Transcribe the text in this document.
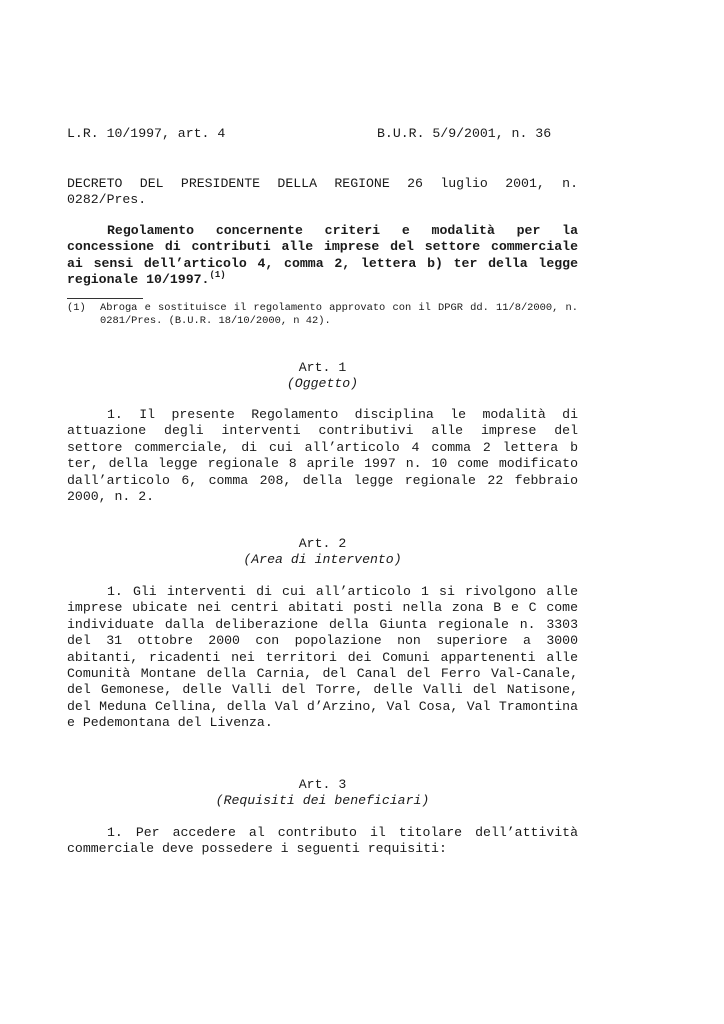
L.R. 10/1997, art. 4	B.U.R. 5/9/2001, n. 36
DECRETO DEL PRESIDENTE DELLA REGIONE 26 luglio 2001, n. 0282/Pres.
Regolamento concernente criteri e modalità per la concessione di contributi alle imprese del settore commerciale ai sensi dell’articolo 4, comma 2, lettera b) ter della legge regionale 10/1997.$^{(1)}$
(1) Abroga e sostituisce il regolamento approvato con il DPGR dd. 11/8/2000, n. 0281/Pres. (B.U.R. 18/10/2000, n 42).
Art. 1
(Oggetto)
1. Il presente Regolamento disciplina le modalità di attuazione degli interventi contributivi alle imprese del settore commerciale, di cui all’articolo 4 comma 2 lettera b ter, della legge regionale 8 aprile 1997 n. 10 come modificato dall’articolo 6, comma 208, della legge regionale 22 febbraio 2000, n. 2.
Art. 2
(Area di intervento)
1. Gli interventi di cui all’articolo 1 si rivolgono alle imprese ubicate nei centri abitati posti nella zona B e C come individuate dalla deliberazione della Giunta regionale n. 3303 del 31 ottobre 2000 con popolazione non superiore a 3000 abitanti, ricadenti nei territori dei Comuni appartenenti alle Comunità Montane della Carnia, del Canal del Ferro Val-Canale, del Gemonese, delle Valli del Torre, delle Valli del Natisone, del Meduna Cellina, della Val d’Arzino, Val Cosa, Val Tramontina e Pedemontana del Livenza.
Art. 3
(Requisiti dei beneficiari)
1. Per accedere al contributo il titolare dell’attività commerciale deve possedere i seguenti requisiti:
